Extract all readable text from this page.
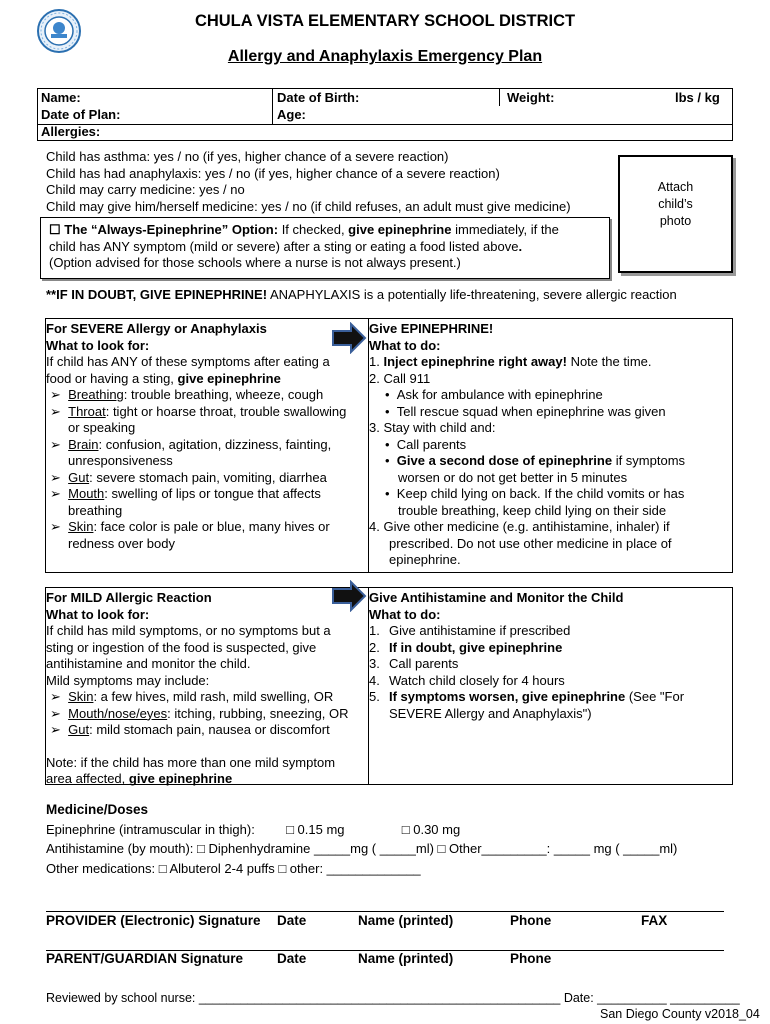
CHULA VISTA ELEMENTARY SCHOOL DISTRICT
Allergy and Anaphylaxis Emergency Plan
Name:	Date of Birth:	Weight:	lbs / kg
Date of Plan:	Age:
Allergies:
Child has asthma: yes / no (if yes, higher chance of a severe reaction)
Child has had anaphylaxis: yes / no (if yes, higher chance of a severe reaction)
Child may carry medicine: yes / no
Child may give him/herself medicine: yes / no (if child refuses, an adult must give medicine)
Attach
child’s
photo
☐ The “Always-Epinephrine” Option: If checked, give epinephrine immediately, if the
child has ANY symptom (mild or severe) after a sting or eating a food listed above.
(Option advised for those schools where a nurse is not always present.)
**IF IN DOUBT, GIVE EPINEPHRINE! ANAPHYLAXIS is a potentially life-threatening, severe allergic reaction
For SEVERE Allergy or Anaphylaxis
What to look for:
If child has ANY of these symptoms after eating a
food or having a sting, give epinephrine
➢ Breathing: trouble breathing, wheeze, cough
➢ Throat: tight or hoarse throat, trouble swallowing
or speaking
➢ Brain: confusion, agitation, dizziness, fainting,
unresponsiveness
➢ Gut: severe stomach pain, vomiting, diarrhea
➢ Mouth: swelling of lips or tongue that affects
breathing
➢ Skin: face color is pale or blue, many hives or
redness over body
Give EPINEPHRINE!
What to do:
1. Inject epinephrine right away! Note the time.
2. Call 911
• Ask for ambulance with epinephrine
• Tell rescue squad when epinephrine was given
3. Stay with child and:
• Call parents
• Give a second dose of epinephrine if symptoms
worsen or do not get better in 5 minutes
• Keep child lying on back. If the child vomits or has
trouble breathing, keep child lying on their side
4. Give other medicine (e.g. antihistamine, inhaler) if
prescribed. Do not use other medicine in place of
epinephrine.
For MILD Allergic Reaction
What to look for:
If child has mild symptoms, or no symptoms but a
sting or ingestion of the food is suspected, give
antihistamine and monitor the child.
Mild symptoms may include:
➢ Skin: a few hives, mild rash, mild swelling, OR
➢ Mouth/nose/eyes: itching, rubbing, sneezing, OR
➢ Gut: mild stomach pain, nausea or discomfort
Note: if the child has more than one mild symptom
area affected, give epinephrine
Give Antihistamine and Monitor the Child
What to do:
1. Give antihistamine if prescribed
2. If in doubt, give epinephrine
3. Call parents
4. Watch child closely for 4 hours
5. If symptoms worsen, give epinephrine (See "For
SEVERE Allergy and Anaphylaxis")
Medicine/Doses
Epinephrine (intramuscular in thigh): □ 0.15 mg	□ 0.30 mg
Antihistamine (by mouth): □ Diphenhydramine _____mg ( _____ml) □ Other_________: _____ mg ( _____ml)
Other medications: □ Albuterol 2-4 puffs □ other: _____________
PROVIDER (Electronic) Signature Date	Name (printed)	Phone	FAX
PARENT/GUARDIAN Signature	Date	Name (printed)	Phone
Reviewed by school nurse: ____________________________________________________ Date: __________ __________
San Diego County v2018_04
